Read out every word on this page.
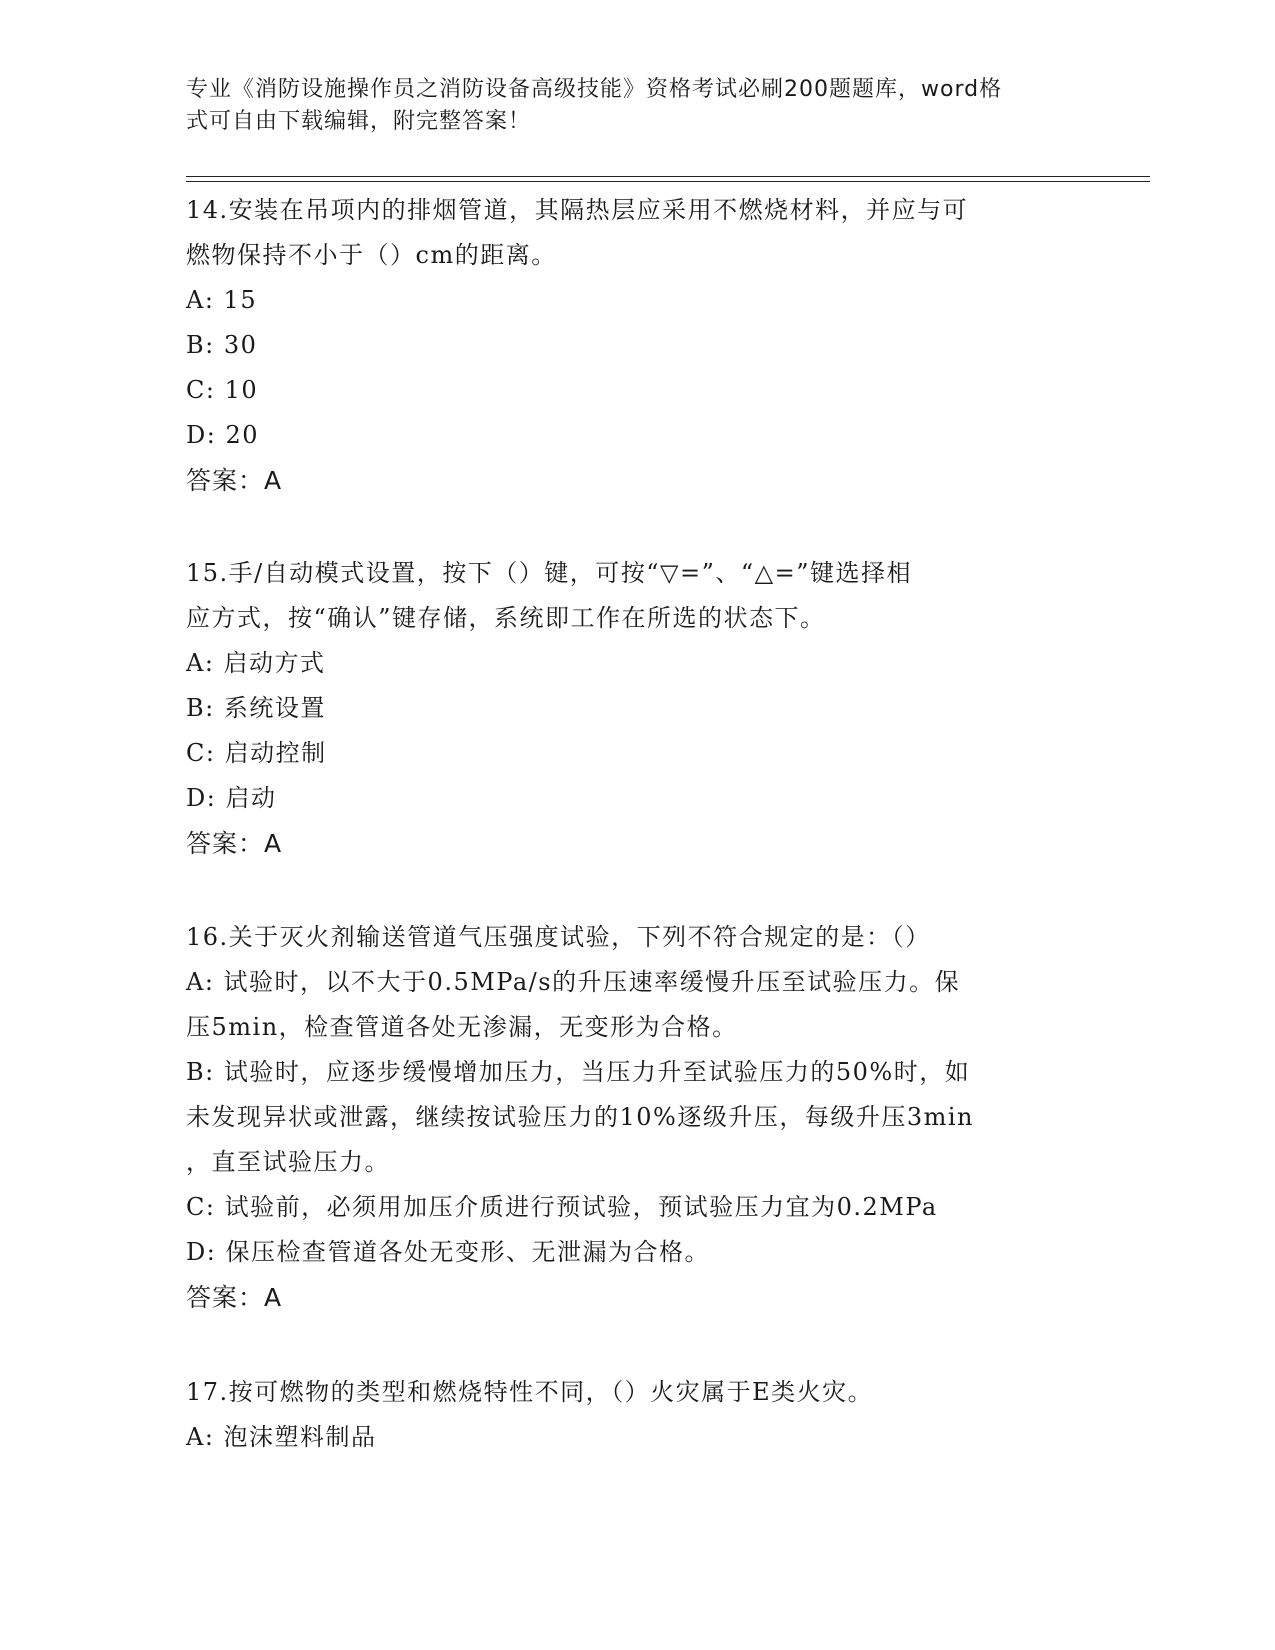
专业《消防设施操作员之消防设备高级技能》资格考试必刷200题题库，word格
式可自由下载编辑，附完整答案！
14.安装在吊项内的排烟管道，其隔热层应采用不燃烧材料，并应与可
燃物保持不小于（）cm的距离。
A: 15
B: 30
C: 10
D: 20
答案：A
15.手/自动模式设置，按下（）键，可按“▽=”、“△=”键选择相
应方式，按“确认”键存储，系统即工作在所选的状态下。
A: 启动方式
B: 系统设置
C: 启动控制
D: 启动
答案：A
16.关于灭火剂输送管道气压强度试验，下列不符合规定的是：（）
A: 试验时，以不大于0.5MPa/s的升压速率缓慢升压至试验压力。保
压5min，检查管道各处无渗漏，无变形为合格。
B: 试验时，应逐步缓慢增加压力，当压力升至试验压力的50%时，如
未发现异状或泄露，继续按试验压力的10%逐级升压，每级升压3min
，直至试验压力。
C: 试验前，必须用加压介质进行预试验，预试验压力宜为0.2MPa
D: 保压检查管道各处无变形、无泄漏为合格。
答案：A
17.按可燃物的类型和燃烧特性不同，（）火灾属于E类火灾。
A: 泡沫塑料制品
